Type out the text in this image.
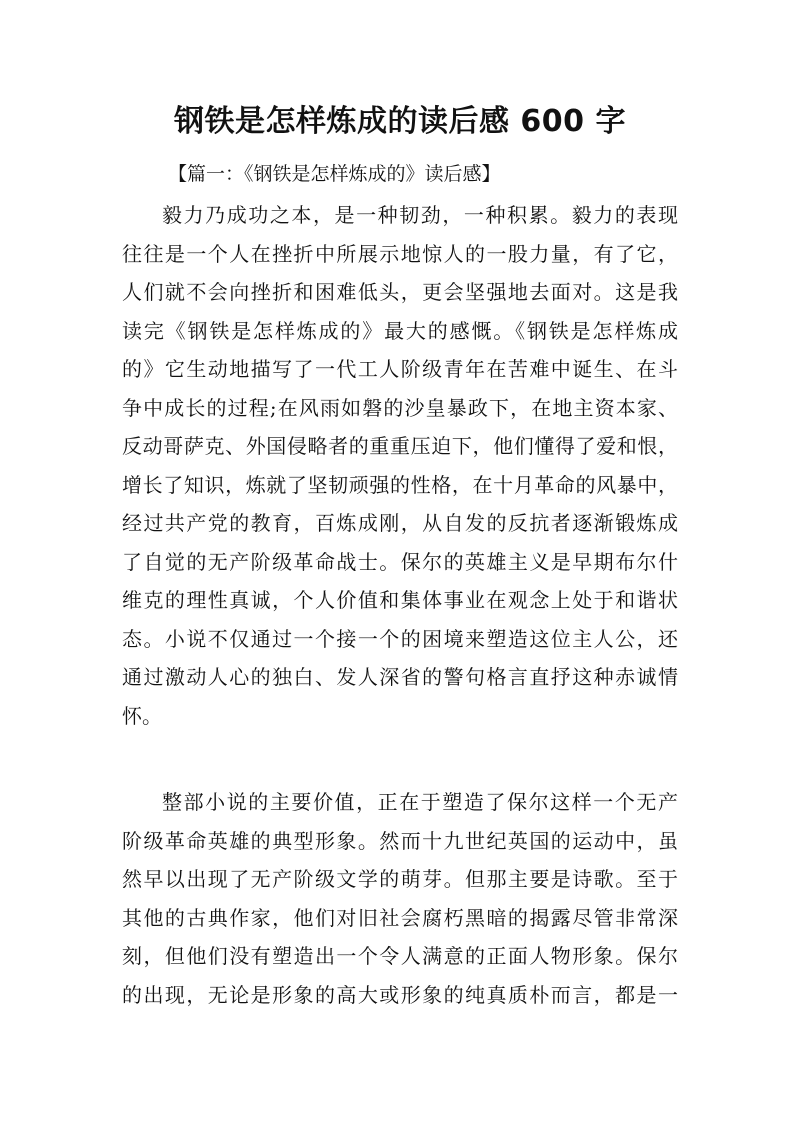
钢铁是怎样炼成的读后感 600 字

【篇一：《钢铁是怎样炼成的》读后感】

毅力乃成功之本，是一种韧劲，一种积累。毅力的表现
往往是一个人在挫折中所展示地惊人的一股力量，有了它，
人们就不会向挫折和困难低头，更会坚强地去面对。这是我
读完《钢铁是怎样炼成的》最大的感慨。《钢铁是怎样炼成
的》它生动地描写了一代工人阶级青年在苦难中诞生、在斗
争中成长的过程;在风雨如磐的沙皇暴政下，在地主资本家、
反动哥萨克、外国侵略者的重重压迫下，他们懂得了爱和恨，
增长了知识，炼就了坚韧顽强的性格，在十月革命的风暴中，
经过共产党的教育，百炼成刚，从自发的反抗者逐渐锻炼成
了自觉的无产阶级革命战士。保尔的英雄主义是早期布尔什
维克的理性真诚，个人价值和集体事业在观念上处于和谐状
态。小说不仅通过一个接一个的困境来塑造这位主人公，还
通过激动人心的独白、发人深省的警句格言直抒这种赤诚情
怀。
整部小说的主要价值，正在于塑造了保尔这样一个无产
阶级革命英雄的典型形象。然而十九世纪英国的运动中，虽
然早以出现了无产阶级文学的萌芽。但那主要是诗歌。至于
其他的古典作家，他们对旧社会腐朽黑暗的揭露尽管非常深
刻，但他们没有塑造出一个令人满意的正面人物形象。保尔
的出现，无论是形象的高大或形象的纯真质朴而言，都是一
